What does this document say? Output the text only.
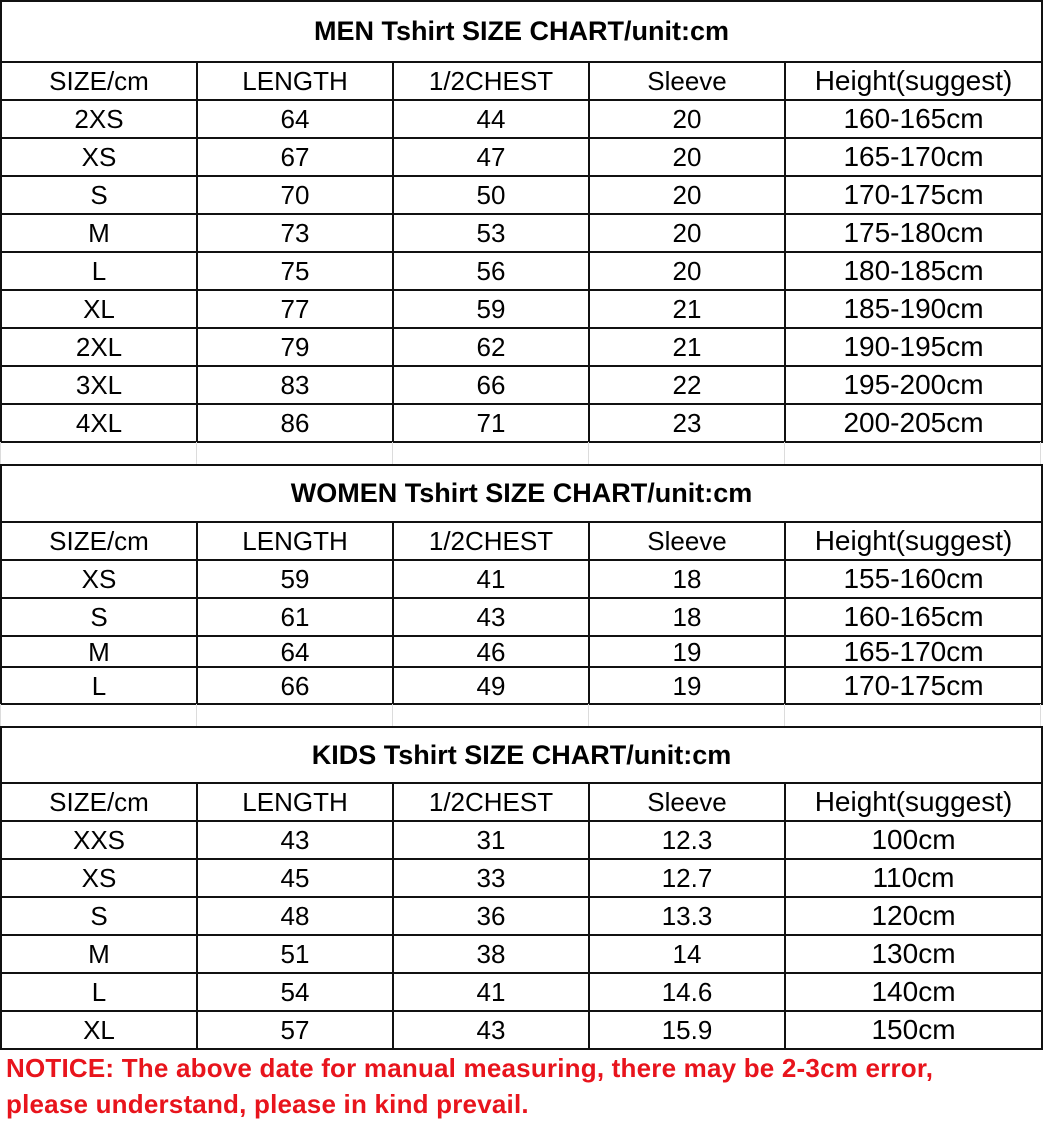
MEN Tshirt SIZE CHART/unit:cm				
SIZE/cm	LENGTH	1/2CHEST	Sleeve	Height(suggest)
2XS	64	44	20	160-165cm
XS	67	47	20	165-170cm
S	70	50	20	170-175cm
M	73	53	20	175-180cm
L	75	56	20	180-185cm
XL	77	59	21	185-190cm
2XL	79	62	21	190-195cm
3XL	83	66	22	195-200cm
4XL	86	71	23	200-205cm
WOMEN Tshirt SIZE CHART/unit:cm				
SIZE/cm	LENGTH	1/2CHEST	Sleeve	Height(suggest)
XS	59	41	18	155-160cm
S	61	43	18	160-165cm
M	64	46	19	165-170cm
L	66	49	19	170-175cm
KIDS Tshirt SIZE CHART/unit:cm				
SIZE/cm	LENGTH	1/2CHEST	Sleeve	Height(suggest)
XXS	43	31	12.3	100cm
XS	45	33	12.7	110cm
S	48	36	13.3	120cm
M	51	38	14	130cm
L	54	41	14.6	140cm
XL	57	43	15.9	150cm
NOTICE: The above date for manual measuring, there may be 2-3cm error,
please understand, please in kind prevail.
